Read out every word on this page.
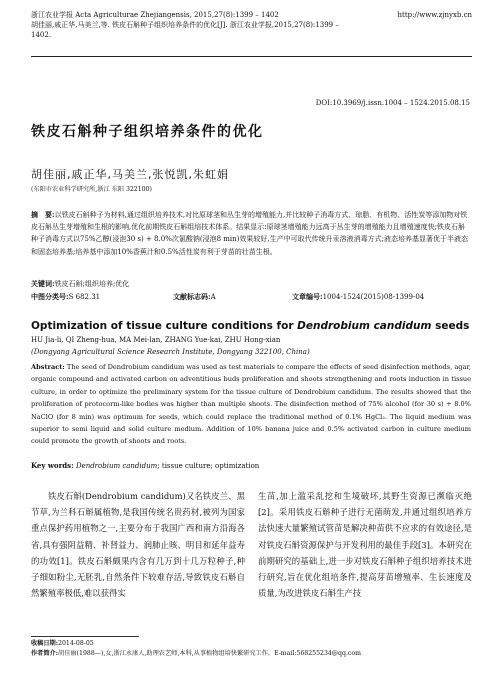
浙江农业学报 Acta Agriculturae Zhejiangensis, 2015,27(8):1399 – 1402
胡佳丽,戚正华,马美兰,等. 铁皮石斛种子组织培养条件的优化[J]. 浙江农业学报,2015,27(8):1399 – 1402.
http://www.zjnyxb.cn
DOI:10.3969/j.issn.1004 – 1524.2015.08.15
铁皮石斛种子组织培养条件的优化
胡佳丽,戚正华,马美兰,张悦凯,朱虹娟
(东阳市农业科学研究所,浙江 东阳 322100)
摘　要:以铁皮石斛种子为材料,通过组织培养技术,对比原球茎和丛生芽的增殖能力,并比较种子消毒方式、琼脂、有机物、活性炭等添加物对铁皮石斛丛生芽增殖和生根的影响,优化前期铁皮石斛组培技术体系。结果显示:原球茎增殖能力远高于丛生芽的增殖能力且增殖速度快;铁皮石斛种子消毒方式以75%乙醇(浸泡30 s) + 8.0%次氯酸钠(浸泡8 min)效果较好,生产中可取代传统升汞溶液消毒方式;液态培养基显著优于半液态和固态培养基;培养基中添加10%香蕉汁和0.5%活性炭有利于芽苗的壮苗生根。
关键词:铁皮石斛;组织培养;优化
中图分类号:S 682.31	文献标志码:A	文章编号:1004-1524(2015)08-1399-04
Optimization of tissue culture conditions for Dendrobium candidum seeds
HU Jia-li, QI Zheng-hua, MA Mei-lan, ZHANG Yue-kai, ZHU Hong-xian
(Dongyang Agricultural Science Research Institute, Dongyang 322100, China)
Abstract: The seed of Dendrobium candidum was used as test materials to compare the effects of seed disinfection methods, agar, organic compound and activated carbon on adventitious buds proliferation and shoots strengthening and roots induction in tissue culture, in order to optimize the preliminary system for the tissue culture of Dendrobium candidum. The results showed that the proliferation of protocorm-like bodies was higher than multiple shoots. The disinfection method of 75% alcohol (for 30 s) + 8.0% NaClO (for 8 min) was optimum for seeds, which could replace the traditional method of 0.1% HgCl₂. The liquid medium was superior to semi liquid and solid culture medium. Addition of 10% banana juice and 0.5% activated carbon in culture medium could promote the growth of shoots and roots.
Key words: Dendrobium candidum; tissue culture; optimization
铁皮石斛(Dendrobium candidum)又名铁皮兰、黑节草,为兰科石斛属植物,是我国传统名贵药材,被列为国家重点保护药用植物之一,主要分布于我国广西和南方沿海各省,具有强阴益精、补肾益力、润肺止咳、明目和延年益寿的功效[1]。铁皮石斛颇果内含有几万到十几万粒种子,种子细如粉尘,无胚乳,自然条件下较难存活,导致铁皮石斛自然繁殖率极低,难以获得实
生苗,加上滥采乱挖和生境破坏,其野生资源已濒临灭绝[2]。采用铁皮石斛种子进行无菌萌发,并通过组织培养方法快速大量繁殖试管苗是解决种苗供不应求的有效途径,是对铁皮石斛资源保护与开发利用的最佳手段[3]。本研究在前期研究的基础上,进一步对铁皮石斛种子组织培养技术进行研究,旨在优化组培条件,提高芽苗增殖率、生长速度及质量,为改进铁皮石斛生产技
收稿日期:2014-08-05
作者简介:胡佳丽(1988—),女,浙江永康人,助理农艺师,本科,从事植物组培快繁研究工作。E-mail:568255234@qq.com
